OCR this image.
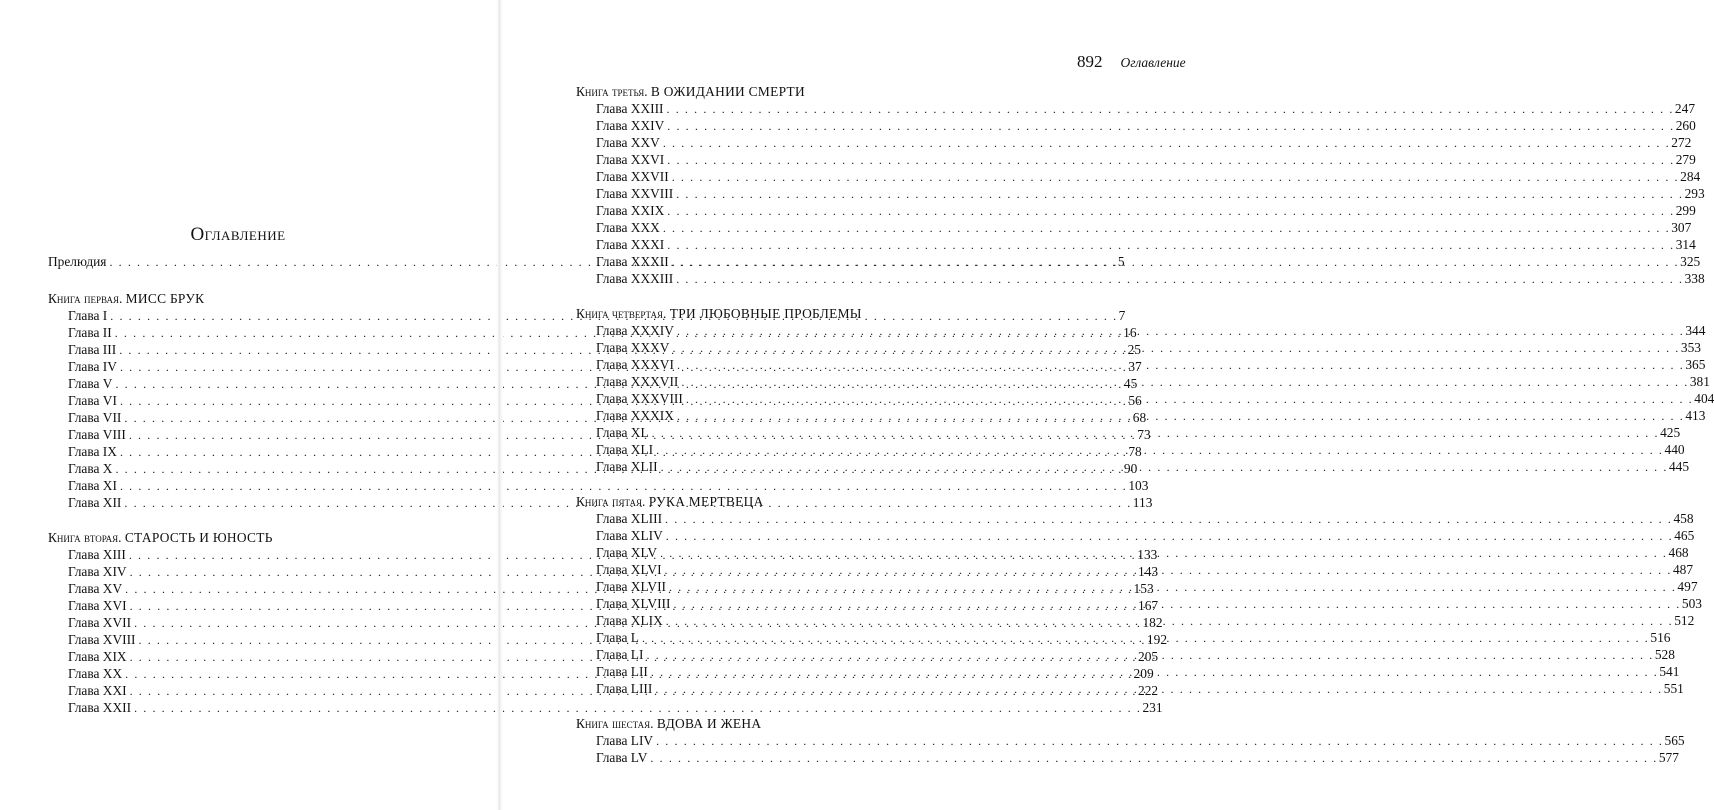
Оглавление
Прелюдия . . .	5
Книга первая. МИСС БРУК
Глава I . . .	7
Глава II . . .	16
Глава III . . .	25
Глава IV . . .	37
Глава V . . .	45
Глава VI . . .	56
Глава VII . . .	68
Глава VIII . . .	73
Глава IX . . .	78
Глава X . . .	90
Глава XI . . .	103
Глава XII . . .	113
Книга вторая. СТАРОСТЬ И ЮНОСТЬ
Глава XIII . . .	133
Глава XIV . . .	143
Глава XV . . .	153
Глава XVI . . .	167
Глава XVII . . .	182
Глава XVIII . . .	192
Глава XIX . . .	205
Глава XX . . .	209
Глава XXI . . .	222
Глава XXII . . .	231
892 Оглавление
Книга третья. В ОЖИДАНИИ СМЕРТИ
Глава XXIII . . .	247
Глава XXIV . . .	260
Глава XXV . . .	272
Глава XXVI . . .	279
Глава XXVII . . .	284
Глава XXVIII . . .	293
Глава XXIX . . .	299
Глава XXX . . .	307
Глава XXXI . . .	314
Глава XXXII . . .	325
Глава XXXIII . . .	338
Книга четвертая. ТРИ ЛЮБОВНЫЕ ПРОБЛЕМЫ
Глава XXXIV . . .	344
Глава XXXV . . .	353
Глава XXXVI . . .	365
Глава XXXVII . . .	381
Глава XXXVIII . . .	404
Глава XXXIX . . .	413
Глава XL . . .	425
Глава XLI . . .	440
Глава XLII . . .	445
Книга пятая. РУКА МЕРТВЕЦА
Глава XLIII . . .	458
Глава XLIV . . .	465
Глава XLV . . .	468
Глава XLVI . . .	487
Глава XLVII . . .	497
Глава XLVIII . . .	503
Глава XLIX . . .	512
Глава L . . .	516
Глава LI . . .	528
Глава LII . . .	541
Глава LIII . . .	551
Книга шестая. ВДОВА И ЖЕНА
Глава LIV . . .	565
Глава LV . . .	577
